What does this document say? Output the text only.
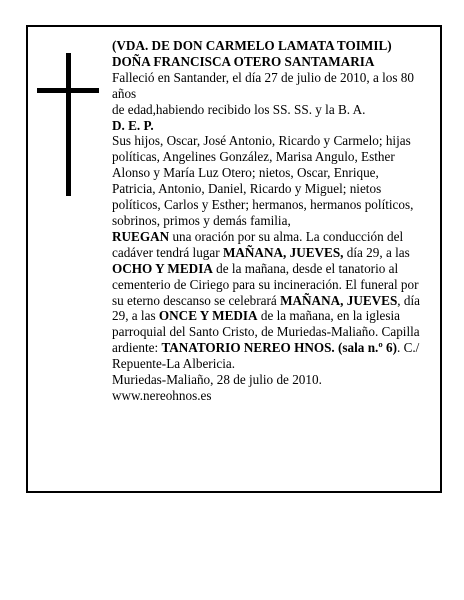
(VDA. DE DON CARMELO LAMATA TOIMIL)

DOÑA FRANCISCA OTERO SANTAMARIA

Falleció en Santander, el día 27 de julio de 2010, a los 80 años

de edad,habiendo recibido los SS. SS. y la B. A.

D. E. P.

Sus hijos, Oscar, José Antonio, Ricardo y Carmelo; hijas políticas, Angelines González, Marisa Angulo, Esther Alonso y María Luz Otero; nietos, Oscar, Enrique, Patricia, Antonio, Daniel, Ricardo y Miguel; nietos políticos, Carlos y Esther; hermanos, hermanos políticos, sobrinos, primos y demás familia,

RUEGAN una oración por su alma. La conducción del cadáver tendrá lugar MAÑANA, JUEVES, día 29, a las OCHO Y MEDIA de la mañana, desde el tanatorio al cementerio de Ciriego para su incineración. El funeral por su eterno descanso se celebrará MAÑANA, JUEVES, día 29, a las ONCE Y MEDIA de la mañana, en la iglesia parroquial del Santo Cristo, de Muriedas-Maliaño. Capilla ardiente: TANATORIO NEREO HNOS. (sala n.º 6). C./ Repuente-La Albericia.

Muriedas-Maliaño, 28 de julio de 2010.

www.nereohnos.es
